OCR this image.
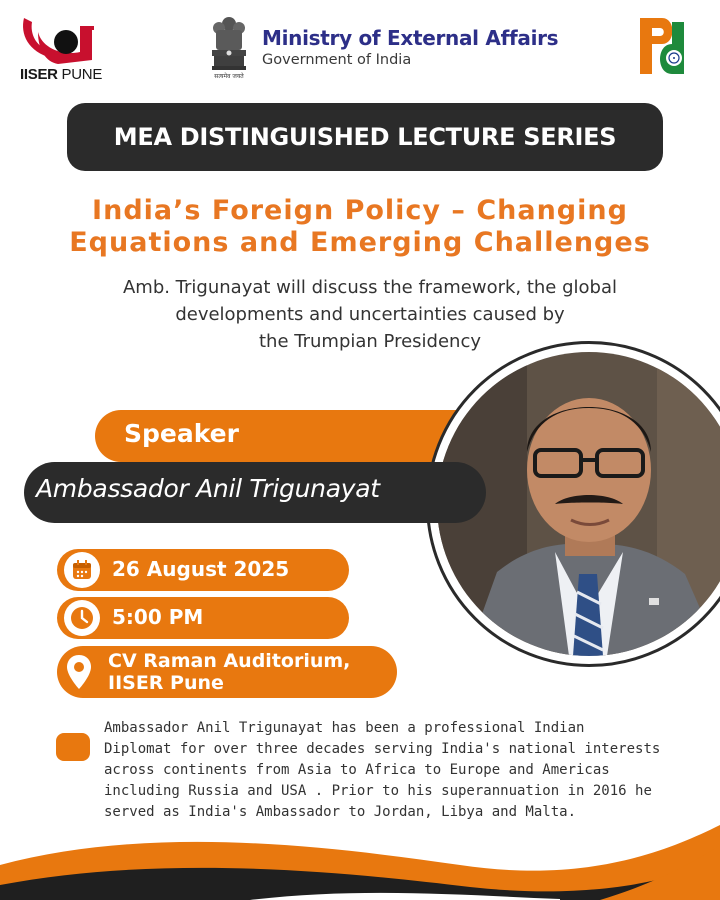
IISER PUNE	सत्यमेव जयते
Ministry of External Affairs
Government of India
MEA DISTINGUISHED LECTURE SERIES
India’s Foreign Policy – Changing
Equations and Emerging Challenges
Amb. Trigunayat will discuss the framework, the global
developments and uncertainties caused by
the Trumpian Presidency
Speaker
Ambassador Anil Trigunayat
26 August 2025
5:00 PM
CV Raman Auditorium,
IISER Pune
Ambassador Anil Trigunayat has been a professional Indian
Diplomat for over three decades serving India's national interests
across continents from Asia to Africa to Europe and Americas
including Russia and USA . Prior to his superannuation in 2016 he
served as India's Ambassador to Jordan, Libya and Malta.
